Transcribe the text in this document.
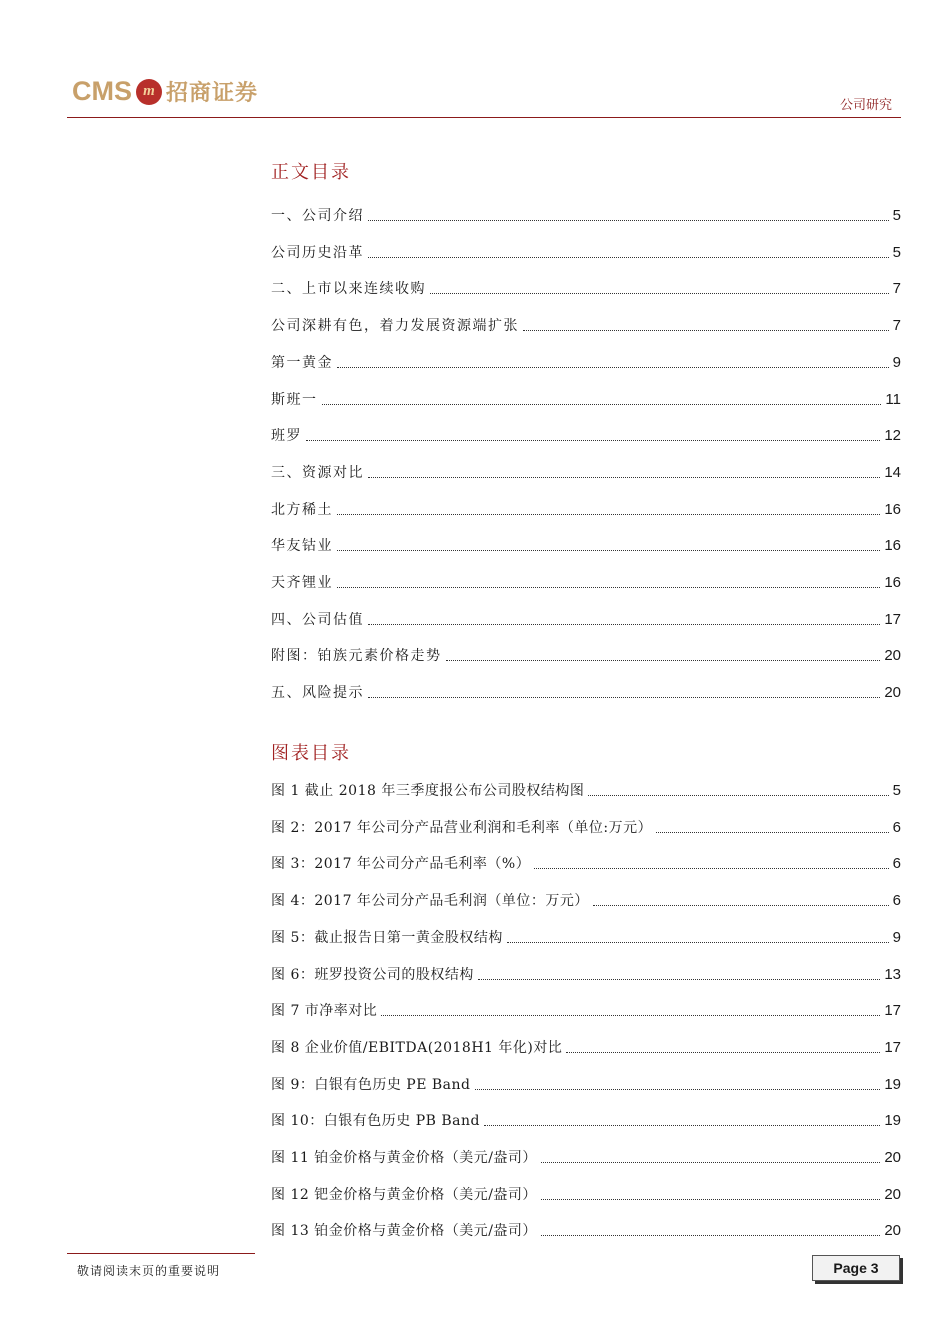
CMS m 招商证券	公司研究
正文目录
一、公司介绍	5
公司历史沿革	5
二、上市以来连续收购	7
公司深耕有色，着力发展资源端扩张	7
第一黄金	9
斯班一	11
班罗	12
三、资源对比	14
北方稀土	16
华友钴业	16
天齐锂业	16
四、公司估值	17
附图：铂族元素价格走势	20
五、风险提示	20
图表目录
图 1 截止 2018 年三季度报公布公司股权结构图	5
图 2：2017 年公司分产品营业利润和毛利率（单位:万元）	6
图 3：2017 年公司分产品毛利率（%）	6
图 4：2017 年公司分产品毛利润（单位：万元）	6
图 5：截止报告日第一黄金股权结构	9
图 6：班罗投资公司的股权结构	13
图 7 市净率对比	17
图 8 企业价值/EBITDA(2018H1 年化)对比	17
图 9：白银有色历史 PE Band	19
图 10：白银有色历史 PB Band	19
图 11 铂金价格与黄金价格（美元/盎司）	20
图 12 钯金价格与黄金价格（美元/盎司）	20
图 13 铂金价格与黄金价格（美元/盎司）	20
敬请阅读末页的重要说明	Page 3
